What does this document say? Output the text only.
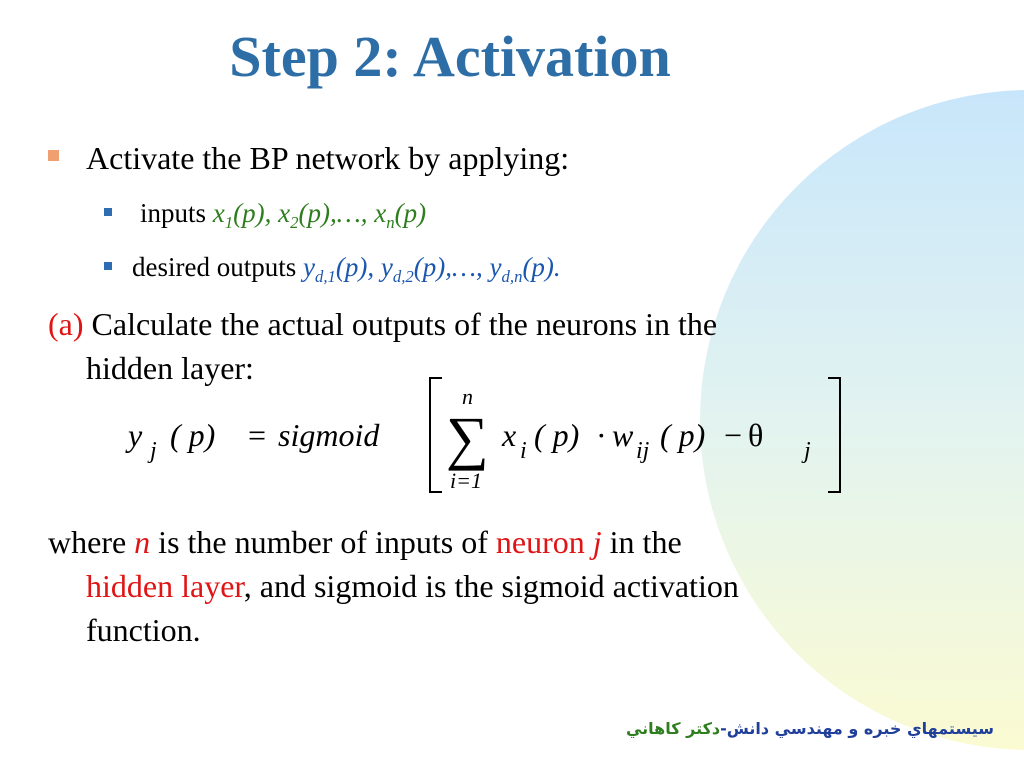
Step 2: Activation
Activate the BP network by applying:
inputs $x_1(p)$, $x_2(p),\dots$, $x_n(p)$
desired outputs $y_{d,1}(p)$, $y_{d,2}(p),\dots$, $y_{d,n}(p)$.
(a) Calculate the actual outputs of the neurons in the
hidden layer:
y j ( p) = sigmoid
n
∑
i=1
x i ( p) · w ij ( p) − θ j
where n is the number of inputs of neuron j in the
hidden layer, and sigmoid is the sigmoid activation
function.
سيستمهاي خبره و مهندسي دانش-دكتر كاهاني
